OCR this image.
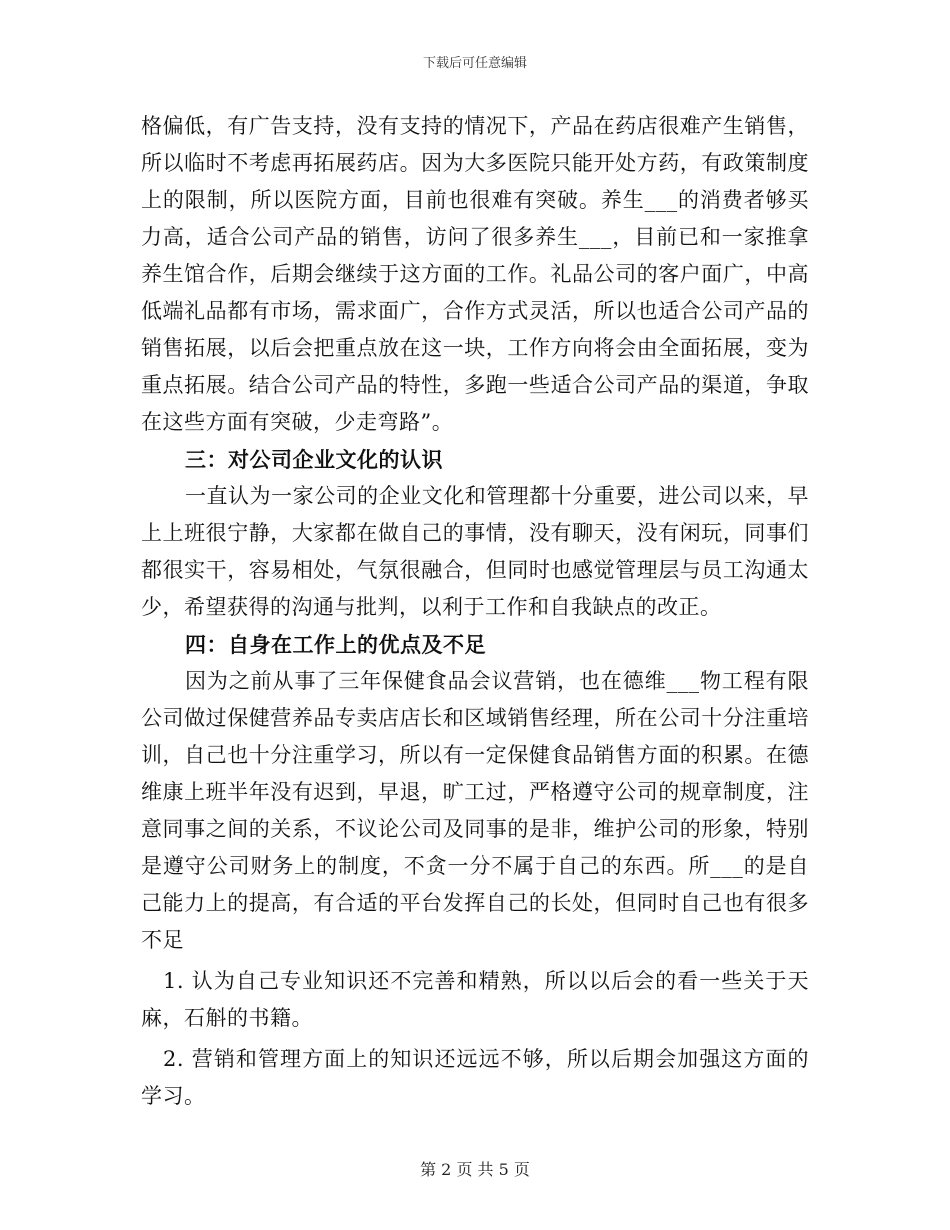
下载后可任意编辑

格偏低，有广告支持，没有支持的情况下，产品在药店很难产生销售，所以临时不考虑再拓展药店。因为大多医院只能开处方药，有政策制度上的限制，所以医院方面，目前也很难有突破。养生___的消费者够买力高，适合公司产品的销售，访问了很多养生___，目前已和一家推拿养生馆合作，后期会继续于这方面的工作。礼品公司的客户面广，中高低端礼品都有市场，需求面广，合作方式灵活，所以也适合公司产品的销售拓展，以后会把重点放在这一块，工作方向将会由全面拓展，变为重点拓展。结合公司产品的特性，多跑一些适合公司产品的渠道，争取在这些方面有突破，少走弯路”。

三：对公司企业文化的认识

一直认为一家公司的企业文化和管理都十分重要，进公司以来，早上上班很宁静，大家都在做自己的事情，没有聊天，没有闲玩，同事们都很实干，容易相处，气氛很融合，但同时也感觉管理层与员工沟通太少，希望获得的沟通与批判，以利于工作和自我缺点的改正。

四：自身在工作上的优点及不足

因为之前从事了三年保健食品会议营销，也在德维___物工程有限公司做过保健营养品专卖店店长和区域销售经理，所在公司十分注重培训，自己也十分注重学习，所以有一定保健食品销售方面的积累。在德维康上班半年没有迟到，早退，旷工过，严格遵守公司的规章制度，注意同事之间的关系，不议论公司及同事的是非，维护公司的形象，特别是遵守公司财务上的制度，不贪一分不属于自己的东西。所___的是自己能力上的提高，有合适的平台发挥自己的长处，但同时自己也有很多不足

1. 认为自己专业知识还不完善和精熟，所以以后会的看一些关于天麻，石斛的书籍。

2. 营销和管理方面上的知识还远远不够，所以后期会加强这方面的学习。

第 2 页 共 5 页
